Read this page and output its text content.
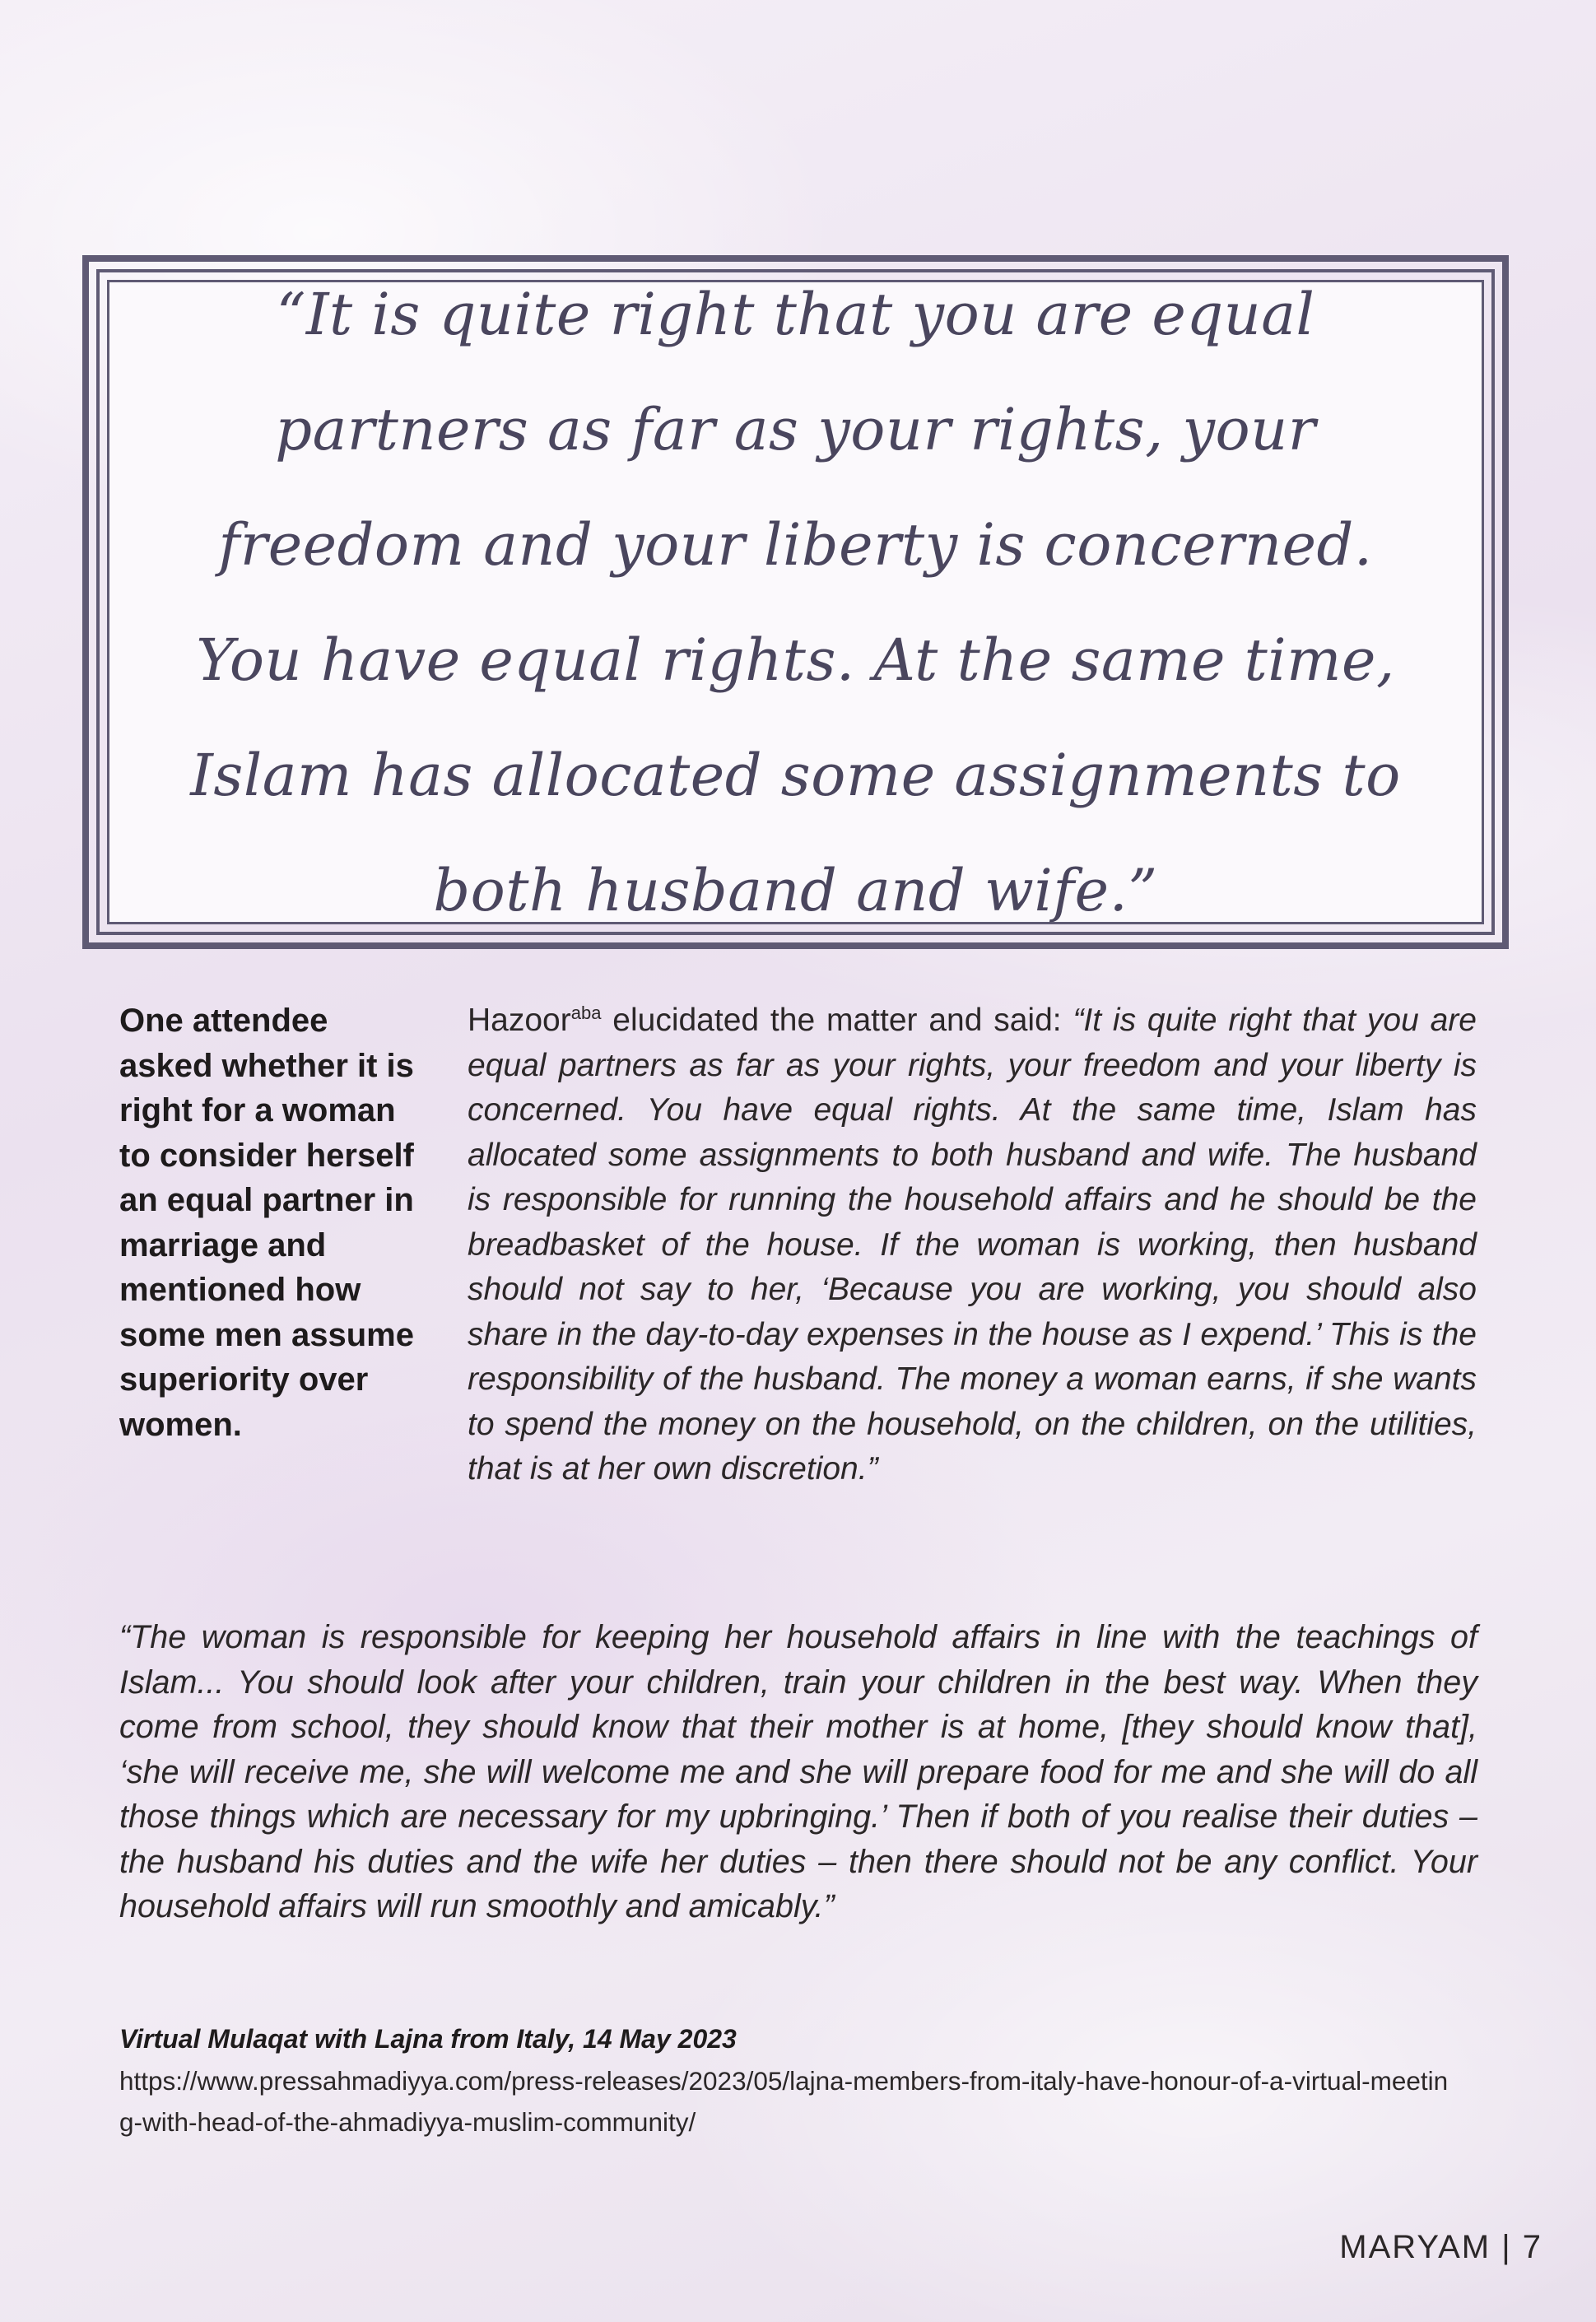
“It is quite right that you are equal partners as far as your rights, your freedom and your liberty is concerned. You have equal rights. At the same time, Islam has allocated some assignments to both husband and wife.”

One attendee asked whether it is right for a woman to consider herself an equal partner in marriage and mentioned how some men assume superiority over women.

Hazoor$^{aba}$ elucidated the matter and said: “It is quite right that you are equal partners as far as your rights, your freedom and your liberty is concerned. You have equal rights. At the same time, Islam has allocated some assignments to both husband and wife. The husband is responsible for running the household affairs and he should be the breadbasket of the house. If the woman is working, then husband should not say to her, ‘Because you are working, you should also share in the day-to-day expenses in the house as I expend.’ This is the responsibility of the husband. The money a woman earns, if she wants to spend the money on the household, on the children, on the utilities, that is at her own discretion.”

“The woman is responsible for keeping her household affairs in line with the teachings of Islam... You should look after your children, train your children in the best way. When they come from school, they should know that their mother is at home, [they should know that], ‘she will receive me, she will welcome me and she will prepare food for me and she will do all those things which are necessary for my upbringing.’ Then if both of you realise their duties – the husband his duties and the wife her duties – then there should not be any conflict. Your household affairs will run smoothly and amicably.”

Virtual Mulaqat with Lajna from Italy, 14 May 2023

https://www.pressahmadiyya.com/press-releases/2023/05/lajna-members-from-italy-have-honour-of-a-virtual-meeting-with-head-of-the-ahmadiyya-muslim-community/

MARYAM | 7
